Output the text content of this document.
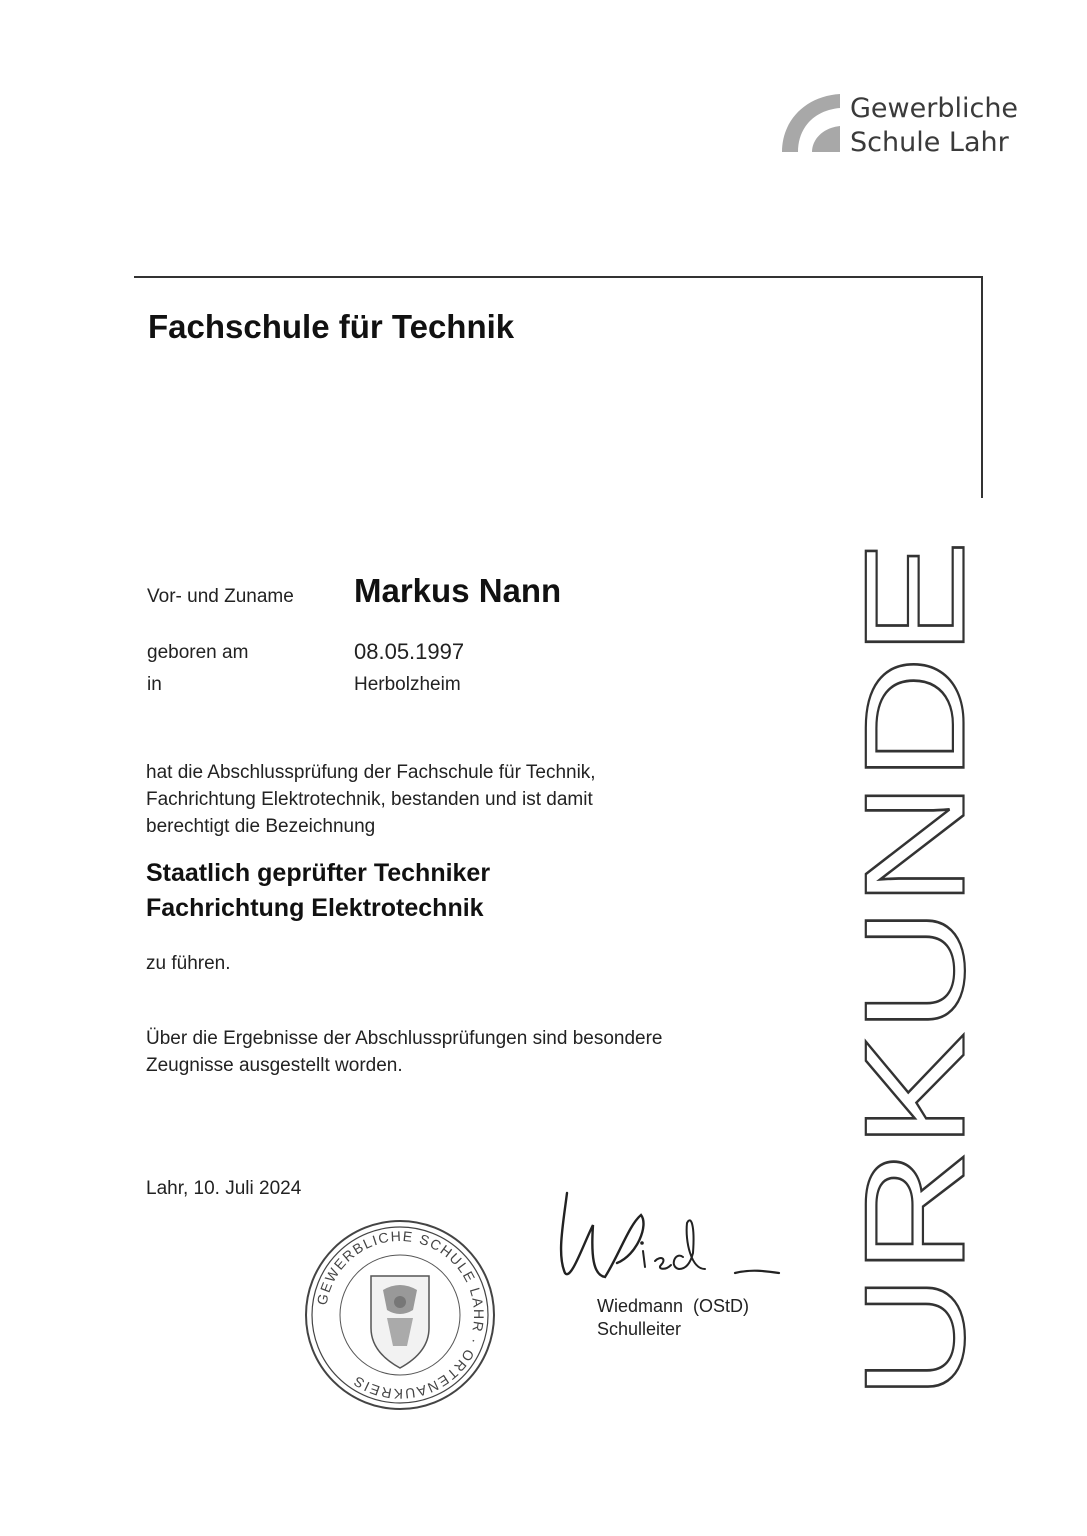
Gewerbliche
Schule Lahr
Fachschule für Technik
Vor- und Zuname Markus Nann
geboren am	08.05.1997
in	Herbolzheim
hat die Abschlussprüfung der Fachschule für Technik,
Fachrichtung Elektrotechnik, bestanden und ist damit
berechtigt die Bezeichnung
Staatlich geprüfter Techniker
Fachrichtung Elektrotechnik
zu führen.
Über die Ergebnisse der Abschlussprüfungen sind besondere
Zeugnisse ausgestellt worden.
Lahr, 10. Juli 2024	URKUNDE
GEWERBLICHE SCHULE LAHR · ORTENAUKREIS
Wiedmann  (OStD)
Schulleiter
